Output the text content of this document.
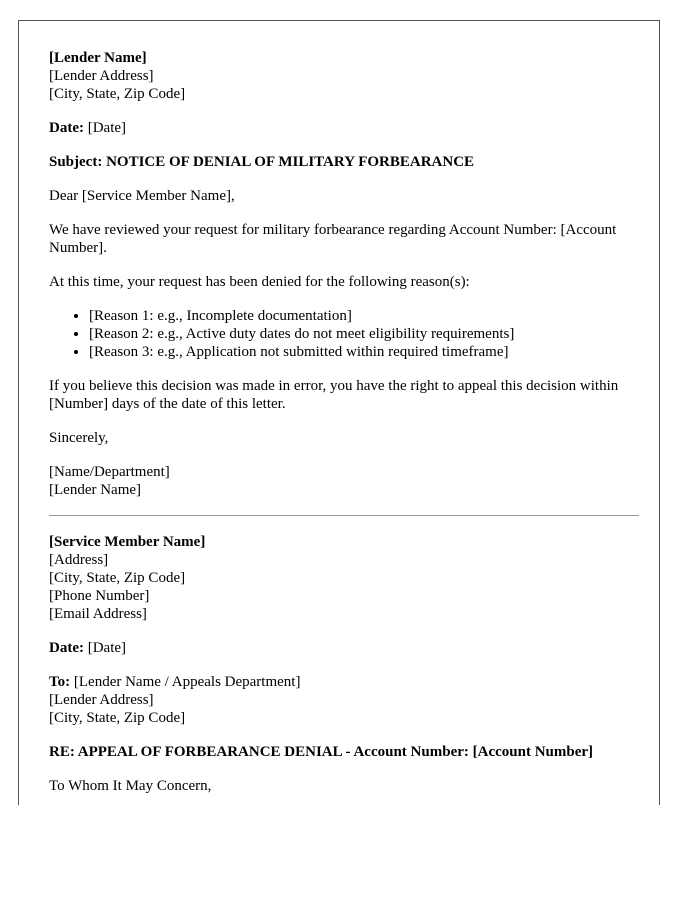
[Lender Name]
[Lender Address]
[City, State, Zip Code]

Date: [Date]

Subject: NOTICE OF DENIAL OF MILITARY FORBEARANCE

Dear [Service Member Name],

We have reviewed your request for military forbearance regarding Account Number: [Account Number].

At this time, your request has been denied for the following reason(s):

• [Reason 1: e.g., Incomplete documentation]
• [Reason 2: e.g., Active duty dates do not meet eligibility requirements]
• [Reason 3: e.g., Application not submitted within required timeframe]

If you believe this decision was made in error, you have the right to appeal this decision within [Number] days of the date of this letter.

Sincerely,

[Name/Department]
[Lender Name]

[Service Member Name]
[Address]
[City, State, Zip Code]
[Phone Number]
[Email Address]

Date: [Date]

To: [Lender Name / Appeals Department]
[Lender Address]
[City, State, Zip Code]

RE: APPEAL OF FORBEARANCE DENIAL - Account Number: [Account Number]

To Whom It May Concern,
